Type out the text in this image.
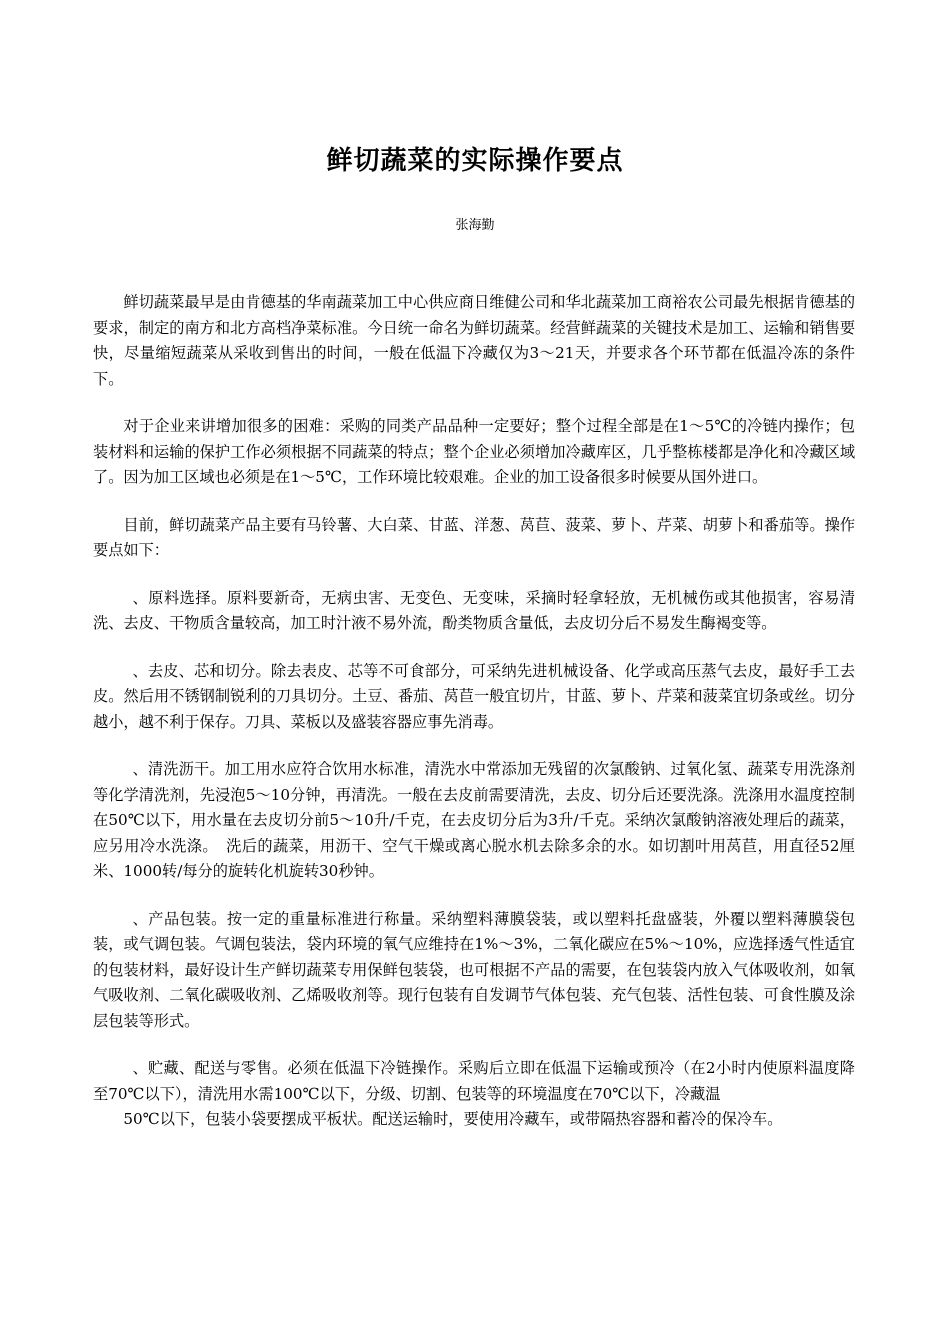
鲜切蔬菜的实际操作要点

张海勤

鲜切蔬菜最早是由肯德基的华南蔬菜加工中心供应商日维健公司和华北蔬菜加工商裕农公司最先根据肯德基的要求，制定的南方和北方高档净菜标准。今日统一命名为鲜切蔬菜。经营鲜蔬菜的关键技术是加工、运输和销售要快，尽量缩短蔬菜从采收到售出的时间，一般在低温下冷藏仅为3～21天，并要求各个环节都在低温冷冻的条件下。

对于企业来讲增加很多的困难：采购的同类产品品种一定要好；整个过程全部是在1～5℃的冷链内操作；包装材料和运输的保护工作必须根据不同蔬菜的特点；整个企业必须增加冷藏库区，几乎整栋楼都是净化和冷藏区域了。因为加工区域也必须是在1～5℃，工作环境比较艰难。企业的加工设备很多时候要从国外进口。

目前，鲜切蔬菜产品主要有马铃薯、大白菜、甘蓝、洋葱、莴苣、菠菜、萝卜、芹菜、胡萝卜和番茄等。操作要点如下：

、原料选择。原料要新奇，无病虫害、无变色、无变味，采摘时轻拿轻放，无机械伤或其他损害，容易清洗、去皮、干物质含量较高，加工时汁液不易外流，酚类物质含量低，去皮切分后不易发生酶褐变等。

、去皮、芯和切分。除去表皮、芯等不可食部分，可采纳先进机械设备、化学或高压蒸气去皮，最好手工去皮。然后用不锈钢制锐利的刀具切分。土豆、番茄、莴苣一般宜切片，甘蓝、萝卜、芹菜和菠菜宜切条或丝。切分越小，越不利于保存。刀具、菜板以及盛装容器应事先消毒。

、清洗沥干。加工用水应符合饮用水标准，清洗水中常添加无残留的次氯酸钠、过氧化氢、蔬菜专用洗涤剂等化学清洗剂，先浸泡5～10分钟，再清洗。一般在去皮前需要清洗，去皮、切分后还要洗涤。洗涤用水温度控制在50℃以下，用水量在去皮切分前5～10升/千克，在去皮切分后为3升/千克。采纳次氯酸钠溶液处理后的蔬菜，应另用冷水洗涤。　洗后的蔬菜，用沥干、空气干燥或离心脱水机去除多余的水。如切割叶用莴苣，用直径52厘米、1000转/每分的旋转化机旋转30秒钟。

、产品包装。按一定的重量标准进行称量。采纳塑料薄膜袋装，或以塑料托盘盛装，外覆以塑料薄膜袋包装，或气调包装。气调包装法，袋内环境的氧气应维持在1%～3%，二氧化碳应在5%～10%，应选择透气性适宜的包装材料，最好设计生产鲜切蔬菜专用保鲜包装袋，也可根据不产品的需要，在包装袋内放入气体吸收剂，如氧气吸收剂、二氧化碳吸收剂、乙烯吸收剂等。现行包装有自发调节气体包装、充气包装、活性包装、可食性膜及涂层包装等形式。

、贮藏、配送与零售。必须在低温下冷链操作。采购后立即在低温下运输或预冷（在2小时内使原料温度降至70℃以下），清洗用水需100℃以下，分级、切割、包装等的环境温度在70℃以下，冷藏温
50℃以下，包装小袋要摆成平板状。配送运输时，要使用冷藏车，或带隔热容器和蓄冷的保冷车。
